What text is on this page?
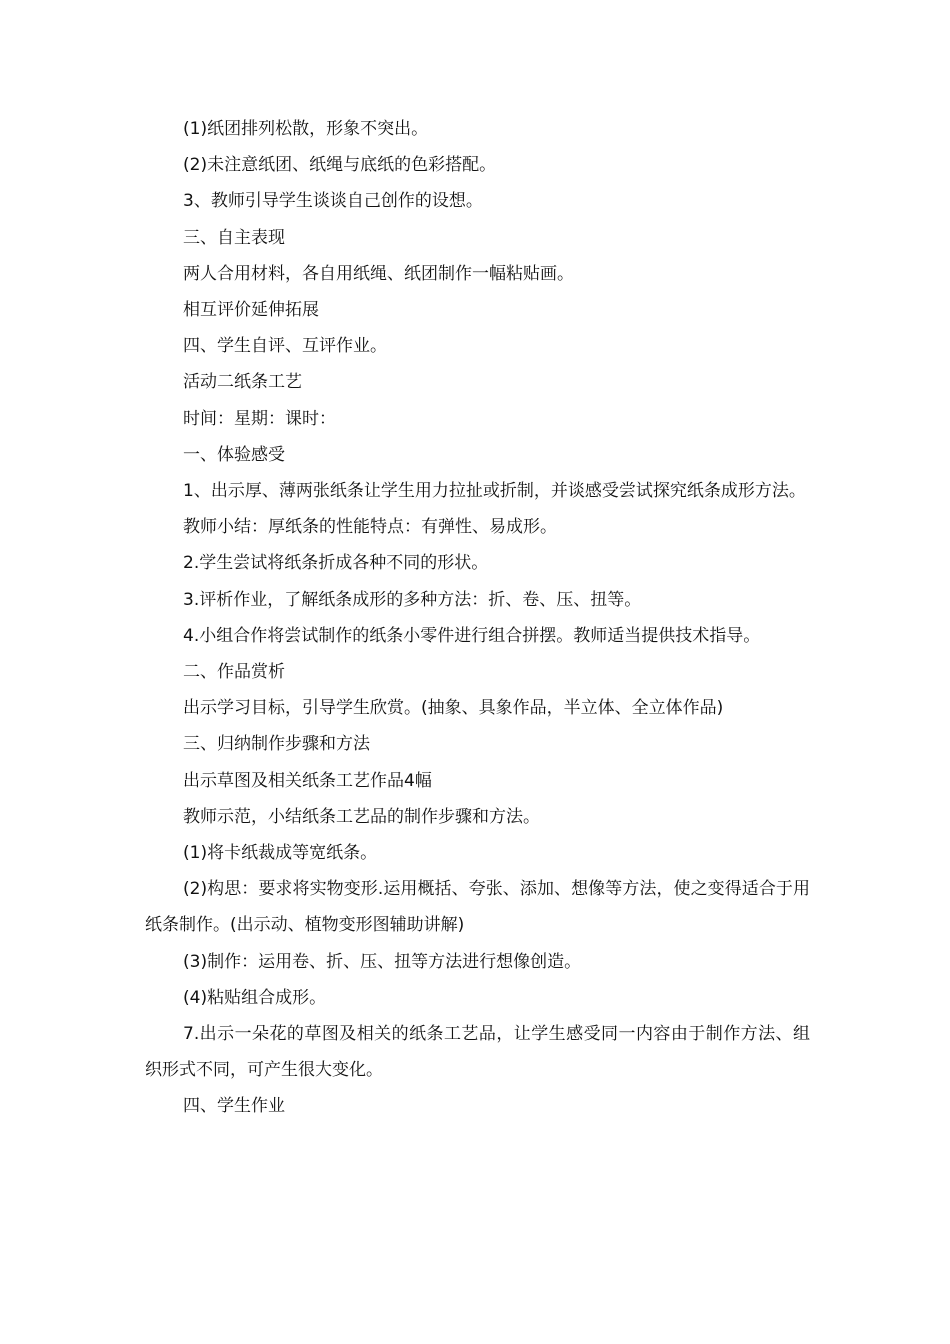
(1)纸团排列松散，形象不突出。

(2)未注意纸团、纸绳与底纸的色彩搭配。

3、教师引导学生谈谈自己创作的设想。

三、自主表现

两人合用材料，各自用纸绳、纸团制作一幅粘贴画。

相互评价延伸拓展

四、学生自评、互评作业。

活动二纸条工艺

时间：星期：课时：

一、体验感受

1、出示厚、薄两张纸条让学生用力拉扯或折制，并谈感受尝试探究纸条成形方法。

教师小结：厚纸条的性能特点：有弹性、易成形。

2.学生尝试将纸条折成各种不同的形状。

3.评析作业，了解纸条成形的多种方法：折、卷、压、扭等。

4.小组合作将尝试制作的纸条小零件进行组合拼摆。教师适当提供技术指导。

二、作品赏析

出示学习目标，引导学生欣赏。(抽象、具象作品，半立体、全立体作品)

三、归纳制作步骤和方法

出示草图及相关纸条工艺作品4幅

教师示范，小结纸条工艺品的制作步骤和方法。

(1)将卡纸裁成等宽纸条。

(2)构思：要求将实物变形.运用概括、夸张、添加、想像等方法，使之变得适合于用纸条制作。(出示动、植物变形图辅助讲解)

(3)制作：运用卷、折、压、扭等方法进行想像创造。

(4)粘贴组合成形。

7.出示一朵花的草图及相关的纸条工艺品，让学生感受同一内容由于制作方法、组织形式不同，可产生很大变化。

四、学生作业
